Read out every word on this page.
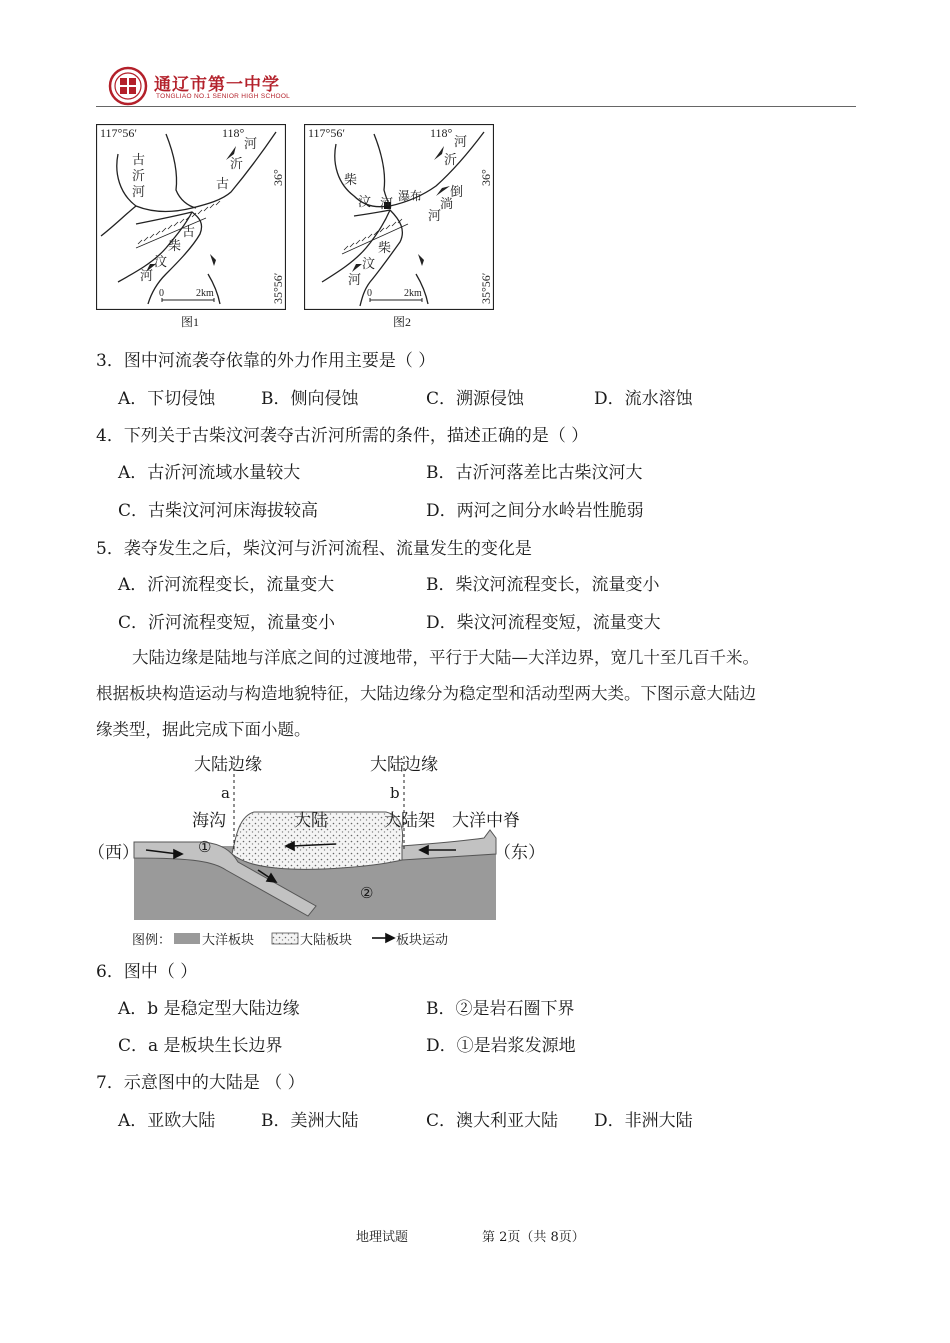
通辽市第一中学
TONGLIAO NO.1 SENIOR HIGH SCHOOL
117°56′	118°
36°
35°56′
古沂河
河沂古
古柴汶河
0	2km
图1
117°56′	118°
36°
35°56′
柴汶 河 瀑布
河沂
倒淌河
柴汶河
0	2km
图2
3．图中河流袭夺依靠的外力作用主要是（ ）
A．下切侵蚀	B．侧向侵蚀	C．溯源侵蚀	D．流水溶蚀
4．下列关于古柴汶河袭夺古沂河所需的条件，描述正确的是（ ）
A．古沂河流域水量较大	B．古沂河落差比古柴汶河大
C．古柴汶河河床海拔较高	D．两河之间分水岭岩性脆弱
5．袭夺发生之后，柴汶河与沂河流程、流量发生的变化是
A．沂河流程变长，流量变大	B．柴汶河流程变长，流量变小
C．沂河流程变短，流量变小	D．柴汶河流程变短，流量变大

大陆边缘是陆地与洋底之间的过渡地带，平行于大陆—大洋边界，宽几十至几百千米。

根据板块构造运动与构造地貌特征，大陆边缘分为稳定型和活动型两大类。下图示意大陆边

缘类型，据此完成下面小题。

大陆边缘	大陆边缘
a	b
海沟	大陆	大陆架 大洋中脊
（西）	（东）
①
②
图例： 大洋板块	大陆板块	板块运动
6．图中（ ）
A．b 是稳定型大陆边缘	B．②是岩石圈下界
C．a 是板块生长边界	D．①是岩浆发源地
7．示意图中的大陆是 （ ）
A．亚欧大陆	B．美洲大陆	C．澳大利亚大陆 D．非洲大陆
地理试题	第 2页（共 8页）
